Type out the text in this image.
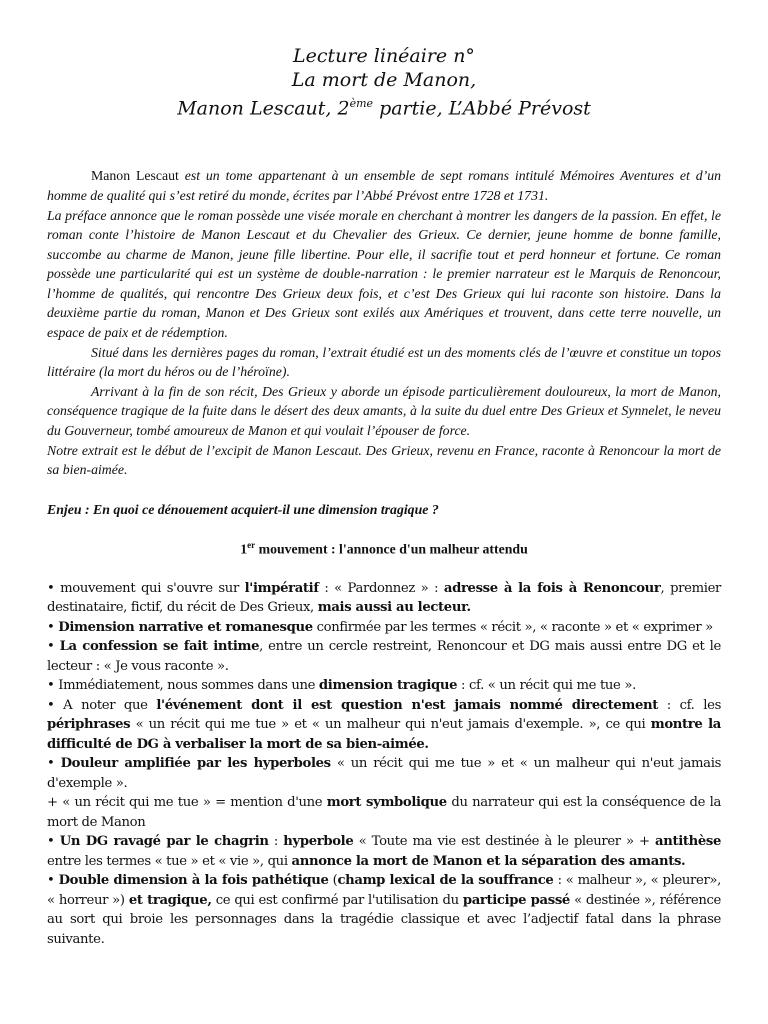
Lecture linéaire n°
La mort de Manon,
Manon Lescaut, 2ème partie, L’Abbé Prévost

Manon Lescaut est un tome appartenant à un ensemble de sept romans intitulé Mémoires Aventures et d’un homme de qualité qui s’est retiré du monde, écrites par l’Abbé Prévost entre 1728 et 1731.

La préface annonce que le roman possède une visée morale en cherchant à montrer les dangers de la passion. En effet, le roman conte l’histoire de Manon Lescaut et du Chevalier des Grieux. Ce dernier, jeune homme de bonne famille, succombe au charme de Manon, jeune fille libertine. Pour elle, il sacrifie tout et perd honneur et fortune. Ce roman possède une particularité qui est un système de double-narration : le premier narrateur est le Marquis de Renoncour, l’homme de qualités, qui rencontre Des Grieux deux fois, et c’est Des Grieux qui lui raconte son histoire. Dans la deuxième partie du roman, Manon et Des Grieux sont exilés aux Amériques et trouvent, dans cette terre nouvelle, un espace de paix et de rédemption.

Situé dans les dernières pages du roman, l’extrait étudié est un des moments clés de l’œuvre et constitue un topos littéraire (la mort du héros ou de l’héroïne).

Arrivant à la fin de son récit, Des Grieux y aborde un épisode particulièrement douloureux, la mort de Manon, conséquence tragique de la fuite dans le désert des deux amants, à la suite du duel entre Des Grieux et Synnelet, le neveu du Gouverneur, tombé amoureux de Manon et qui voulait l’épouser de force.

Notre extrait est le début de l’excipit de Manon Lescaut. Des Grieux, revenu en France, raconte à Renoncour la mort de sa bien-aimée.

Enjeu : En quoi ce dénouement acquiert-il une dimension tragique ?
1er mouvement : l'annonce d'un malheur attendu

• mouvement qui s'ouvre sur l'impératif : « Pardonnez » : adresse à la fois à Renoncour, premier destinataire, fictif, du récit de Des Grieux, mais aussi au lecteur.

• Dimension narrative et romanesque confirmée par les termes « récit », « raconte » et « exprimer »

• La confession se fait intime, entre un cercle restreint, Renoncour et DG mais aussi entre DG et le lecteur : « Je vous raconte ».

• Immédiatement, nous sommes dans une dimension tragique : cf. « un récit qui me tue ».

• A noter que l'événement dont il est question n'est jamais nommé directement : cf. les périphrases « un récit qui me tue » et « un malheur qui n'eut jamais d'exemple. », ce qui montre la difficulté de DG à verbaliser la mort de sa bien-aimée.

• Douleur amplifiée par les hyperboles « un récit qui me tue » et « un malheur qui n'eut jamais d'exemple ».

+ « un récit qui me tue » = mention d'une mort symbolique du narrateur qui est la conséquence de la mort de Manon

• Un DG ravagé par le chagrin : hyperbole « Toute ma vie est destinée à le pleurer » + antithèse entre les termes « tue » et « vie », qui annonce la mort de Manon et la séparation des amants.

• Double dimension à la fois pathétique (champ lexical de la souffrance : « malheur », « pleurer», « horreur ») et tragique, ce qui est confirmé par l'utilisation du participe passé « destinée », référence au sort qui broie les personnages dans la tragédie classique et avec l’adjectif fatal dans la phrase suivante.
